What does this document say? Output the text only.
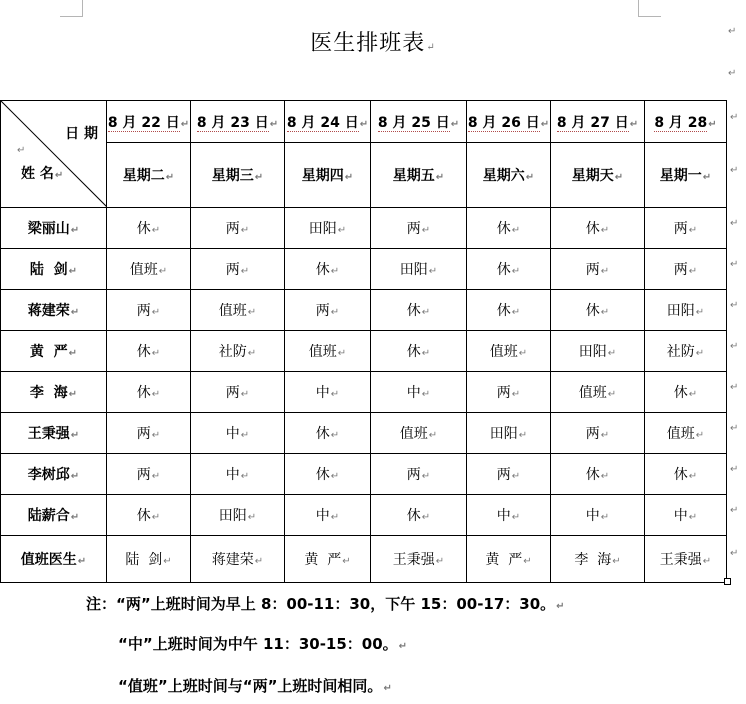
医生排班表↵
↵
↵
日 期
↵
姓 名↵	8 月 22 日↵	8 月 23 日↵	8 月 24 日↵	8 月 25 日↵	8 月 26 日↵	8 月 27 日↵	8 月 28↵
	星期二↵	星期三↵	星期四↵	星期五↵	星期六↵	星期天↵	星期一↵
梁丽山↵	休↵	两↵	田阳↵	两↵	休↵	休↵	两↵
陆  剑↵	值班↵	两↵	休↵	田阳↵	休↵	两↵	两↵
蒋建荣↵	两↵	值班↵	两↵	休↵	休↵	休↵	田阳↵
黄  严↵	休↵	社防↵	值班↵	休↵	值班↵	田阳↵	社防↵
李  海↵	休↵	两↵	中↵	中↵	两↵	值班↵	休↵
王秉强↵	两↵	中↵	休↵	值班↵	田阳↵	两↵	值班↵
李树邱↵	两↵	中↵	休↵	两↵	两↵	休↵	休↵
陆薪合↵	休↵	田阳↵	中↵	休↵	中↵	中↵	中↵
值班医生↵	陆  剑↵	蒋建荣↵	黄  严↵	王秉强↵	黄  严↵	李  海↵	王秉强↵
注：“两”上班时间为早上 8：00-11：30，下午 15：00-17：30。↵
“中”上班时间为中午 11：30-15：00。↵
“值班”上班时间与“两”上班时间相同。↵
↵
↵
↵
↵
↵
↵
↵
↵
↵
↵
↵
